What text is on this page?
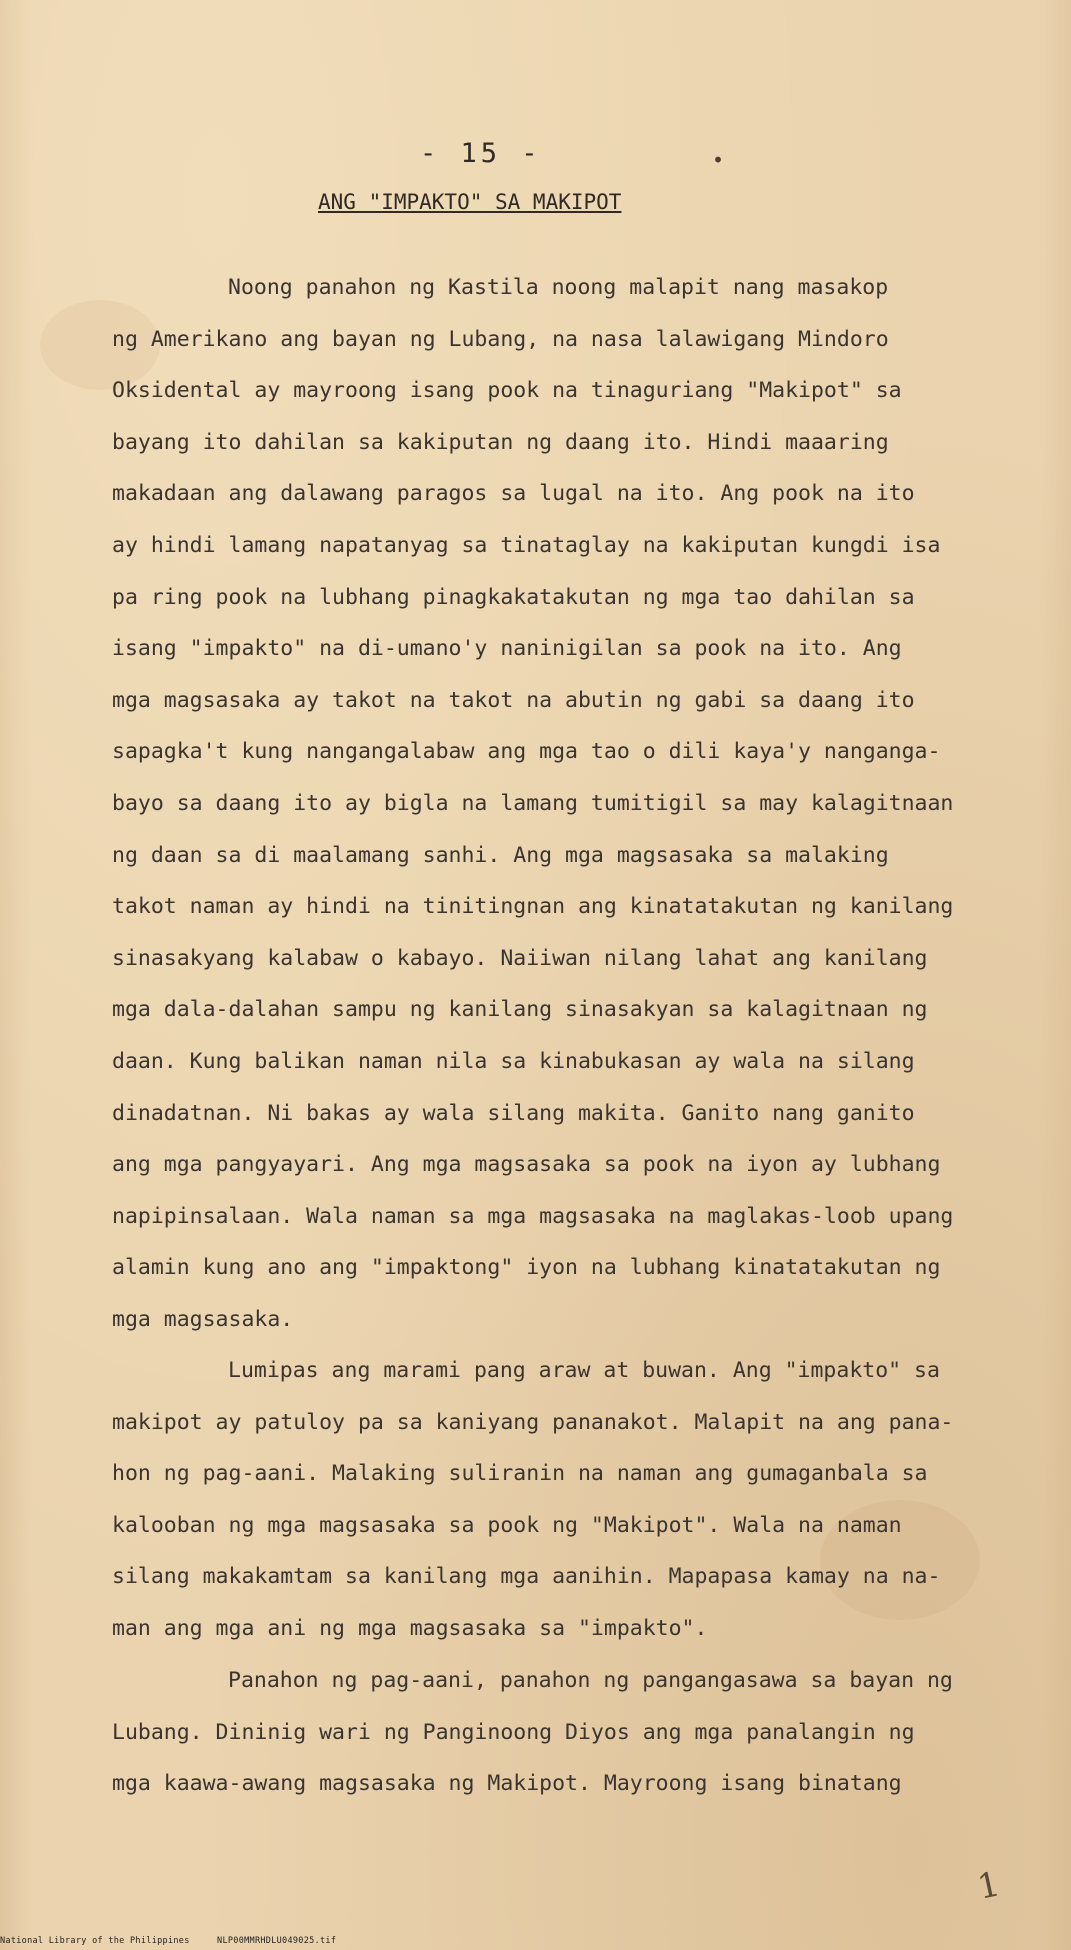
- 15 -	•
ANG "IMPAKTO" SA MAKIPOT
Noong panahon ng Kastila noong malapit nang masakop
ng Amerikano ang bayan ng Lubang, na nasa lalawigang Mindoro
Oksidental ay mayroong isang pook na tinaguriang "Makipot" sa
bayang ito dahilan sa kakiputan ng daang ito. Hindi maaaring
makadaan ang dalawang paragos sa lugal na ito. Ang pook na ito
ay hindi lamang napatanyag sa tinataglay na kakiputan kungdi isa
pa ring pook na lubhang pinagkakatakutan ng mga tao dahilan sa
isang "impakto" na di-umano'y naninigilan sa pook na ito. Ang
mga magsasaka ay takot na takot na abutin ng gabi sa daang ito
sapagka't kung nangangalabaw ang mga tao o dili kaya'y nanganga-
bayo sa daang ito ay bigla na lamang tumitigil sa may kalagitnaan
ng daan sa di maalamang sanhi. Ang mga magsasaka sa malaking
takot naman ay hindi na tinitingnan ang kinatatakutan ng kanilang
sinasakyang kalabaw o kabayo. Naiiwan nilang lahat ang kanilang
mga dala-dalahan sampu ng kanilang sinasakyan sa kalagitnaan ng
daan. Kung balikan naman nila sa kinabukasan ay wala na silang
dinadatnan. Ni bakas ay wala silang makita. Ganito nang ganito
ang mga pangyayari. Ang mga magsasaka sa pook na iyon ay lubhang
napipinsalaan. Wala naman sa mga magsasaka na maglakas-loob upang
alamin kung ano ang "impaktong" iyon na lubhang kinatatakutan ng
mga magsasaka.
Lumipas ang marami pang araw at buwan. Ang "impakto" sa
makipot ay patuloy pa sa kaniyang pananakot. Malapit na ang pana-
hon ng pag-aani. Malaking suliranin na naman ang gumaganbala sa
kalooban ng mga magsasaka sa pook ng "Makipot". Wala na naman
silang makakamtam sa kanilang mga aanihin. Mapapasa kamay na na-
man ang mga ani ng mga magsasaka sa "impakto".
Panahon ng pag-aani, panahon ng pangangasawa sa bayan ng
Lubang. Dininig wari ng Panginoong Diyos ang mga panalangin ng
mga kaawa-awang magsasaka ng Makipot. Mayroong isang binatang
1
National Library of the Philippines	NLP00MMRHDLU049025.tif
